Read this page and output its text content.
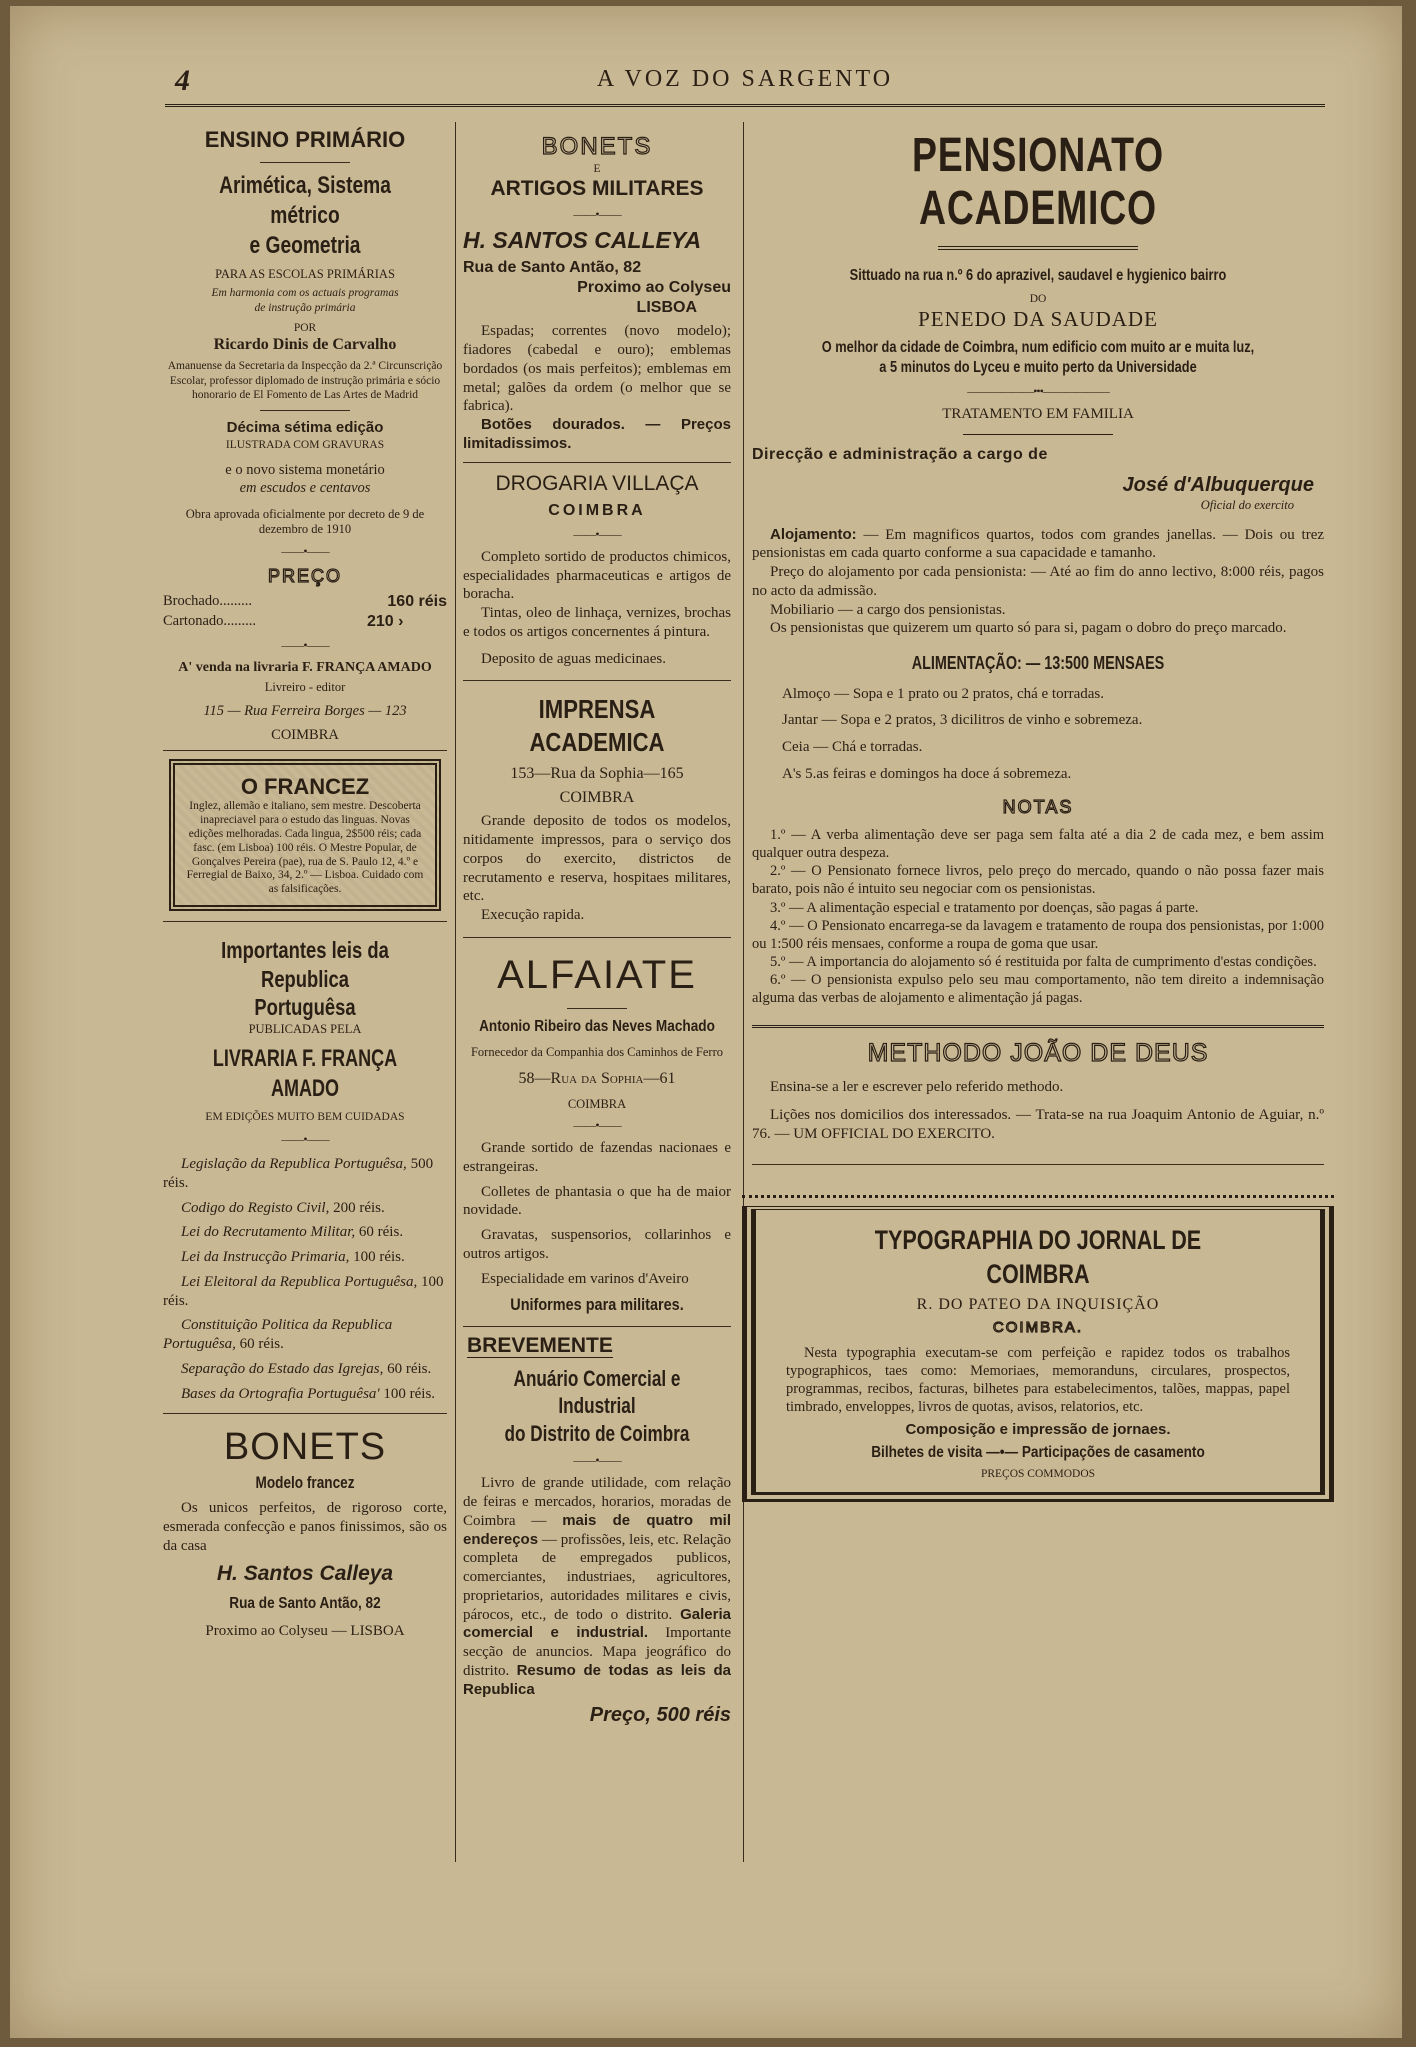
4	A VOZ DO SARGENTO
ENSINO PRIMÁRIO
Arimética, Sistema métrico
e Geometria
PARA AS ESCOLAS PRIMÁRIAS
Em harmonia com os actuais programas
de instrução primária
POR
Ricardo Dinis de Carvalho
Amanuense da Secretaria da Inspecção da 2.ª Circunscrição Escolar, professor diplomado de instrução primária e sócio honorario de El Fomento de Las Artes de Madrid
Décima sétima edição
ILUSTRADA COM GRAVURAS
e o novo sistema monetário
em escudos e centavos
Obra aprovada oficialmente por decreto de 9 de dezembro de 1910
——•——
PREÇO
Brochado.........	160 réis
Cartonado.........	210 ›
——•——
A' venda na livraria F. FRANÇA AMADO
Livreiro - editor
115 — Rua Ferreira Borges — 123
COIMBRA
O FRANCEZ
Inglez, allemão e italiano, sem mestre. Descoberta inapreciavel para o estudo das linguas. Novas edições melhoradas. Cada lingua, 2$500 réis; cada fasc. (em Lisboa) 100 réis. O Mestre Popular, de Gonçalves Pereira (pae), rua de S. Paulo 12, 4.º e Ferregial de Baixo, 34, 2.º — Lisboa. Cuidado com as falsificações.
Importantes leis da Republica
Portuguêsa
PUBLICADAS PELA
LIVRARIA F. FRANÇA AMADO
EM EDIÇÕES MUITO BEM CUIDADAS
——•——
Legislação da Republica Portuguêsa, 500 réis.
Codigo do Registo Civil, 200 réis.
Lei do Recrutamento Militar, 60 réis.
Lei da Instrucção Primaria, 100 réis.
Lei Eleitoral da Republica Portuguêsa, 100 réis.
Constituição Politica da Republica Portuguêsa, 60 réis.
Separação do Estado das Igrejas, 60 réis.
Bases da Ortografia Portuguêsa' 100 réis.
BONETS
Modelo francez
Os unicos perfeitos, de rigoroso corte, esmerada confecção e panos finissimos, são os da casa
H. Santos Calleya
Rua de Santo Antão, 82
Proximo ao Colyseu — LISBOA
BONETS
E
ARTIGOS MILITARES
——•——
H. SANTOS CALLEYA
Rua de Santo Antão, 82
Proximo ao Colyseu
LISBOA
Espadas; correntes (novo modelo); fiadores (cabedal e ouro); emblemas bordados (os mais perfeitos); emblemas em metal; galões da ordem (o melhor que se fabrica).
Botões dourados. — Preços limitadissimos.
DROGARIA VILLAÇA
COIMBRA
——•——
Completo sortido de productos chimicos, especialidades pharmaceuticas e artigos de boracha.
Tintas, oleo de linhaça, vernizes, brochas e todos os artigos concernentes á pintura.
Deposito de aguas medicinaes.
IMPRENSA ACADEMICA
153—Rua da Sophia—165
COIMBRA
Grande deposito de todos os modelos, nitidamente impressos, para o serviço dos corpos do exercito, districtos de recrutamento e reserva, hospitaes militares, etc.
Execução rapida.
ALFAIATE
Antonio Ribeiro das Neves Machado
Fornecedor da Companhia dos Caminhos de Ferro
58—Rua da Sophia—61
COIMBRA
——•——
Grande sortido de fazendas nacionaes e estrangeiras.
Colletes de phantasia o que ha de maior novidade.
Gravatas, suspensorios, collarinhos e outros artigos.
Especialidade em varinos d'Aveiro
Uniformes para militares.
BREVEMENTE
Anuário Comercial e Industrial
do Distrito de Coimbra
——•——
Livro de grande utilidade, com relação de feiras e mercados, horarios, moradas de Coimbra — mais de quatro mil endereços — profissões, leis, etc. Relação completa de empregados publicos, comerciantes, industriaes, agricultores, proprietarios, autoridades militares e civis, párocos, etc., de todo o distrito. Galeria comercial e industrial. Importante secção de anuncios. Mapa jeográfico do distrito. Resumo de todas as leis da Republica
Preço, 500 réis
PENSIONATO ACADEMICO
Sittuado na rua n.º 6 do aprazivel, saudavel e hygienico bairro
DO
PENEDO DA SAUDADE
O melhor da cidade de Coimbra, num edificio com muito ar e muita luz,
a 5 minutos do Lyceu e muito perto da Universidade
——————•••——————
TRATAMENTO EM FAMILIA
Direcção e administração a cargo de
José d'Albuquerque
Oficial do exercito
Alojamento: — Em magnificos quartos, todos com grandes janellas. — Dois ou trez pensionistas em cada quarto conforme a sua capacidade e tamanho.
Preço do alojamento por cada pensionista: — Até ao fim do anno lectivo, 8:000 réis, pagos no acto da admissão.
Mobiliario — a cargo dos pensionistas.
Os pensionistas que quizerem um quarto só para si, pagam o dobro do preço marcado.
ALIMENTAÇÃO: — 13:500 MENSAES
Almoço — Sopa e 1 prato ou 2 pratos, chá e torradas.
Jantar — Sopa e 2 pratos, 3 dicilitros de vinho e sobremeza.
Ceia — Chá e torradas.
A's 5.as feiras e domingos ha doce á sobremeza.
NOTAS
1.º — A verba alimentação deve ser paga sem falta até a dia 2 de cada mez, e bem assim qualquer outra despeza.
2.º — O Pensionato fornece livros, pelo preço do mercado, quando o não possa fazer mais barato, pois não é intuito seu negociar com os pensionistas.
3.º — A alimentação especial e tratamento por doenças, são pagas á parte.
4.º — O Pensionato encarrega-se da lavagem e tratamento de roupa dos pensionistas, por 1:000 ou 1:500 réis mensaes, conforme a roupa de goma que usar.
5.º — A importancia do alojamento só é restituida por falta de cumprimento d'estas condições.
6.º — O pensionista expulso pelo seu mau comportamento, não tem direito a indemnisação alguma das verbas de alojamento e alimentação já pagas.
METHODO JOÃO DE DEUS
Ensina-se a ler e escrever pelo referido methodo.
Lições nos domicilios dos interessados. — Trata-se na rua Joaquim Antonio de Aguiar, n.º 76. — UM OFFICIAL DO EXERCITO.
TYPOGRAPHIA DO JORNAL DE COIMBRA
R. DO PATEO DA INQUISIÇÃO
COIMBRA.
Nesta typographia executam-se com perfeição e rapidez todos os trabalhos typographicos, taes como: Memoriaes, memoranduns, circulares, prospectos, programmas, recibos, facturas, bilhetes para estabelecimentos, talões, mappas, papel timbrado, enveloppes, livros de quotas, avisos, relatorios, etc.
Composição e impressão de jornaes.
Bilhetes de visita —•— Participações de casamento
PREÇOS COMMODOS
